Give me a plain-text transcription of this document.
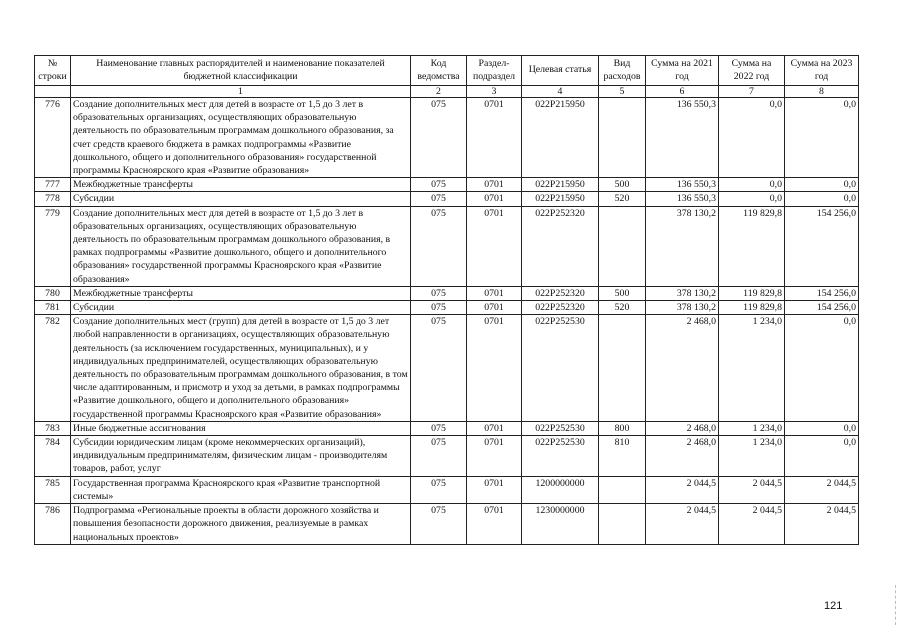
№ строки	Наименование главных распорядителей и наименование показателей бюджетной классификации	Код ведомства	Раздел-подраздел	Целевая статья	Вид расходов	Сумма на 2021 год	Сумма на 2022 год	Сумма на 2023 год
	1	2	3	4	5	6	7	8
776	Создание дополнительных мест для детей в возрасте от 1,5 до 3 лет в образовательных организациях, осуществляющих образовательную деятельность по образовательным программам дошкольного образования, за счет средств краевого бюджета в рамках подпрограммы «Развитие дошкольного, общего и дополнительного образования» государственной программы Красноярского края «Развитие образования»	075	0701	022P215950		136 550,3	0,0	0,0
777	Межбюджетные трансферты	075	0701	022P215950	500	136 550,3	0,0	0,0
778	Субсидии	075	0701	022P215950	520	136 550,3	0,0	0,0
779	Создание дополнительных мест для детей в возрасте от 1,5 до 3 лет в образовательных организациях, осуществляющих образовательную деятельность по образовательным программам дошкольного образования, в рамках подпрограммы «Развитие дошкольного, общего и дополнительного образования» государственной программы Красноярского края «Развитие образования»	075	0701	022P252320		378 130,2	119 829,8	154 256,0
780	Межбюджетные трансферты	075	0701	022P252320	500	378 130,2	119 829,8	154 256,0
781	Субсидии	075	0701	022P252320	520	378 130,2	119 829,8	154 256,0
782	Создание дополнительных мест (групп) для детей в возрасте от 1,5 до 3 лет любой направленности в организациях, осуществляющих образовательную деятельность (за исключением государственных, муниципальных), и у индивидуальных предпринимателей, осуществляющих образовательную деятельность по образовательным программам дошкольного образования, в том числе адаптированным, и присмотр и уход за детьми, в рамках подпрограммы «Развитие дошкольного, общего и дополнительного образования» государственной программы Красноярского края «Развитие образования»	075	0701	022P252530		2 468,0	1 234,0	0,0
783	Иные бюджетные ассигнования	075	0701	022P252530	800	2 468,0	1 234,0	0,0
784	Субсидии юридическим лицам (кроме некоммерческих организаций), индивидуальным предпринимателям, физическим лицам - производителям товаров, работ, услуг	075	0701	022P252530	810	2 468,0	1 234,0	0,0
785	Государственная программа Красноярского края «Развитие транспортной системы»	075	0701	1200000000		2 044,5	2 044,5	2 044,5
786	Подпрограмма «Региональные проекты в области дорожного хозяйства и повышения безопасности дорожного движения, реализуемые в рамках национальных проектов»	075	0701	1230000000		2 044,5	2 044,5	2 044,5
121
